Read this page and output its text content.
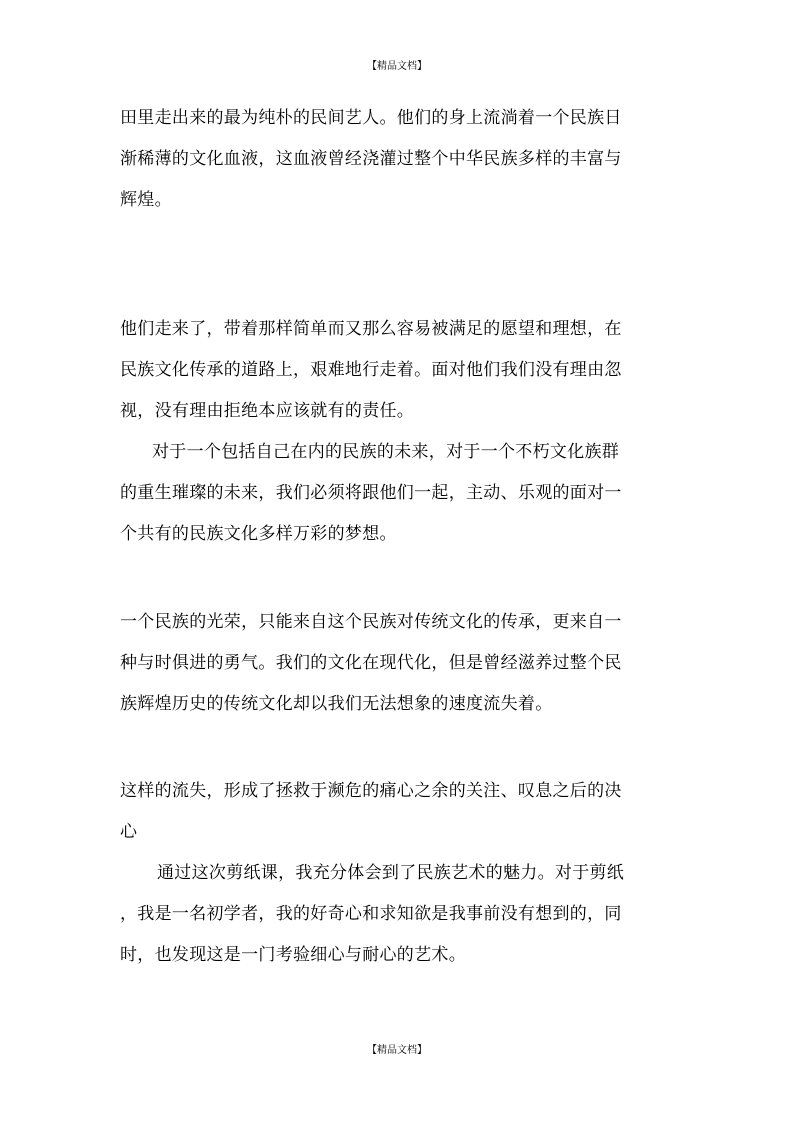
【精品文档】
田里走出来的最为纯朴的民间艺人。他们的身上流淌着一个民族日
渐稀薄的文化血液，这血液曾经浇灌过整个中华民族多样的丰富与
辉煌。
他们走来了，带着那样简单而又那么容易被满足的愿望和理想，在
民族文化传承的道路上，艰难地行走着。面对他们我们没有理由忽
视，没有理由拒绝本应该就有的责任。
对于一个包括自己在内的民族的未来，对于一个不朽文化族群
的重生璀璨的未来，我们必须将跟他们一起，主动、乐观的面对一
个共有的民族文化多样万彩的梦想。
一个民族的光荣，只能来自这个民族对传统文化的传承，更来自一
种与时俱进的勇气。我们的文化在现代化，但是曾经滋养过整个民
族辉煌历史的传统文化却以我们无法想象的速度流失着。
这样的流失，形成了拯救于濒危的痛心之余的关注、叹息之后的决
心
通过这次剪纸课，我充分体会到了民族艺术的魅力。对于剪纸
，我是一名初学者，我的好奇心和求知欲是我事前没有想到的，同
时，也发现这是一门考验细心与耐心的艺术。
【精品文档】
